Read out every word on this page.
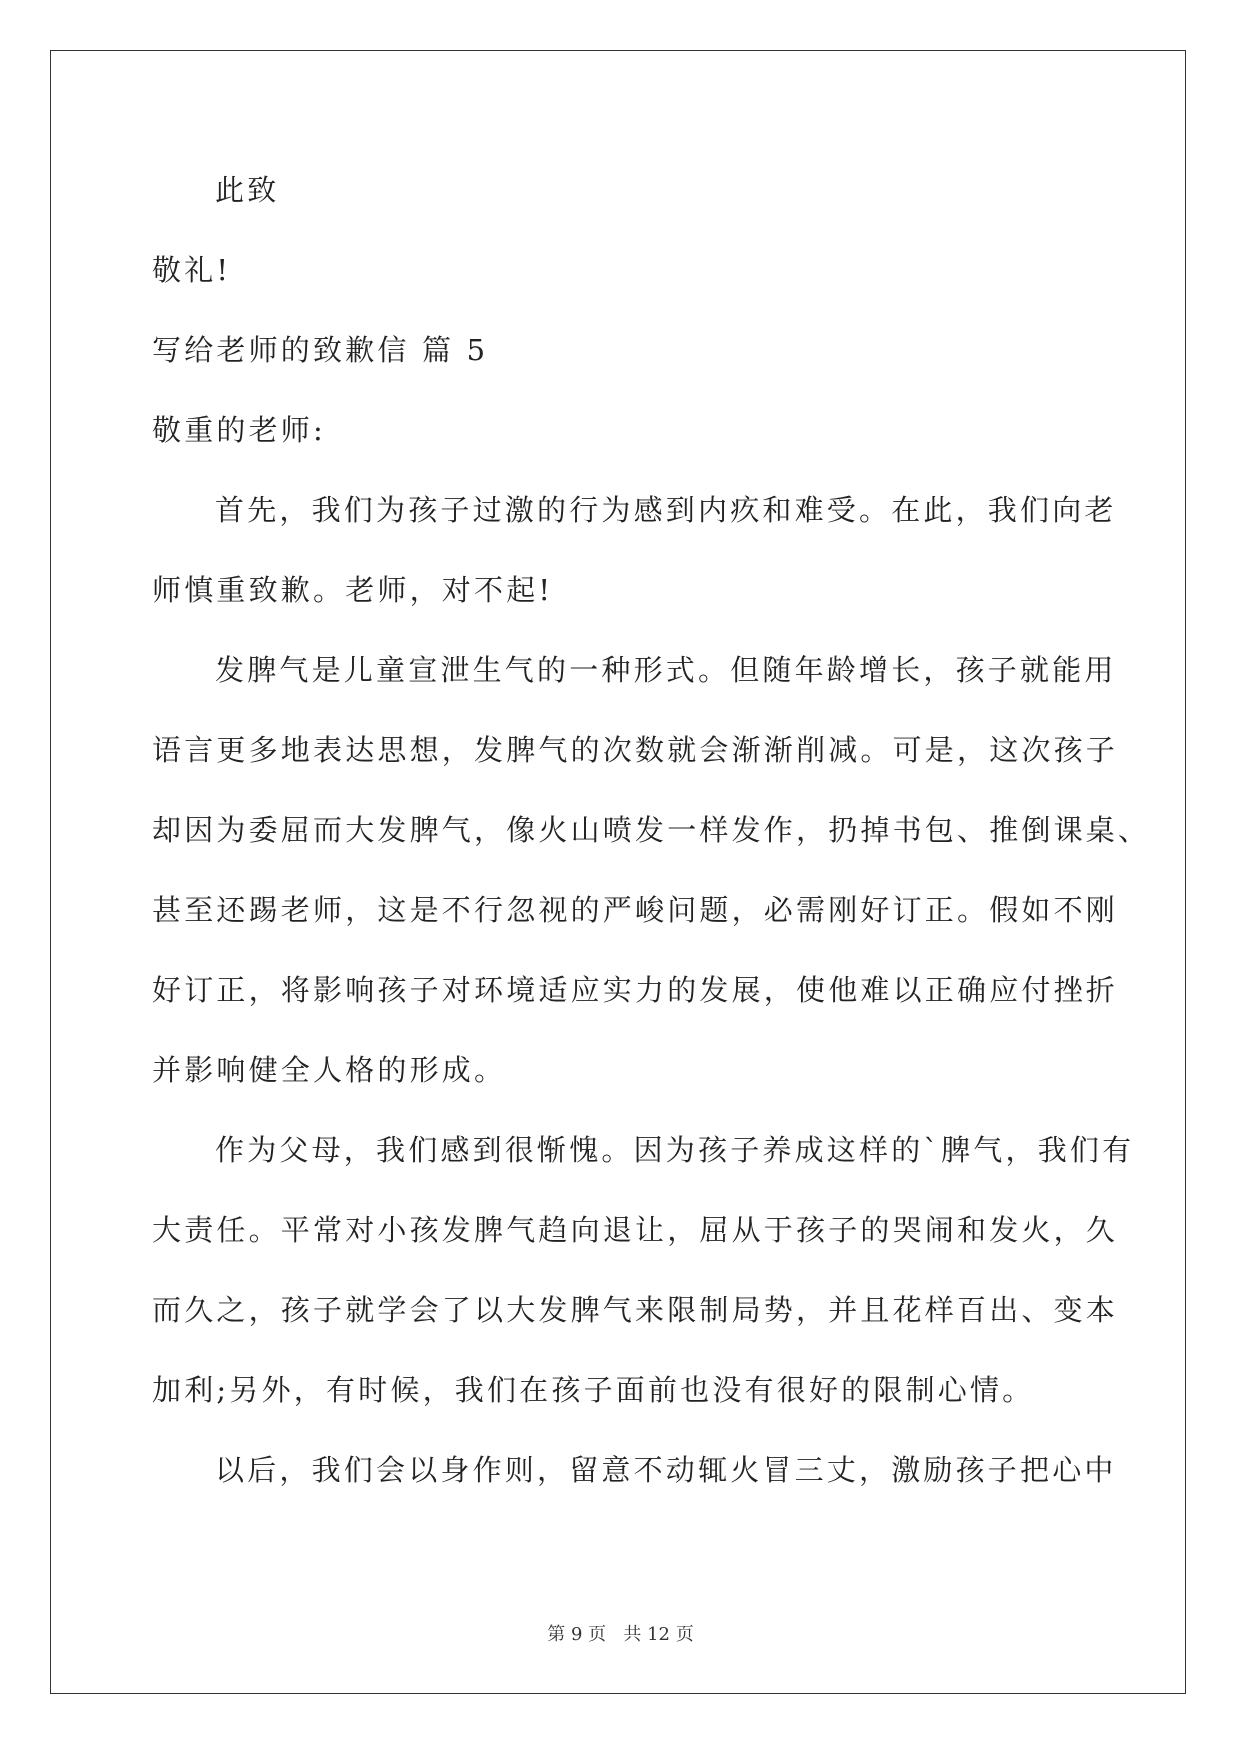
此致
敬礼!
写给老师的致歉信 篇 5
敬重的老师:
首先，我们为孩子过激的行为感到内疚和难受。在此，我们向老
师慎重致歉。老师，对不起!
发脾气是儿童宣泄生气的一种形式。但随年龄增长，孩子就能用
语言更多地表达思想，发脾气的次数就会渐渐削减。可是，这次孩子
却因为委屈而大发脾气，像火山喷发一样发作，扔掉书包、推倒课桌、
甚至还踢老师，这是不行忽视的严峻问题，必需刚好订正。假如不刚
好订正，将影响孩子对环境适应实力的发展，使他难以正确应付挫折
并影响健全人格的形成。
作为父母，我们感到很惭愧。因为孩子养成这样的`脾气，我们有
大责任。平常对小孩发脾气趋向退让，屈从于孩子的哭闹和发火，久
而久之，孩子就学会了以大发脾气来限制局势，并且花样百出、变本
加利;另外，有时候，我们在孩子面前也没有很好的限制心情。
以后，我们会以身作则，留意不动辄火冒三丈，激励孩子把心中
第 9 页   共 12 页
